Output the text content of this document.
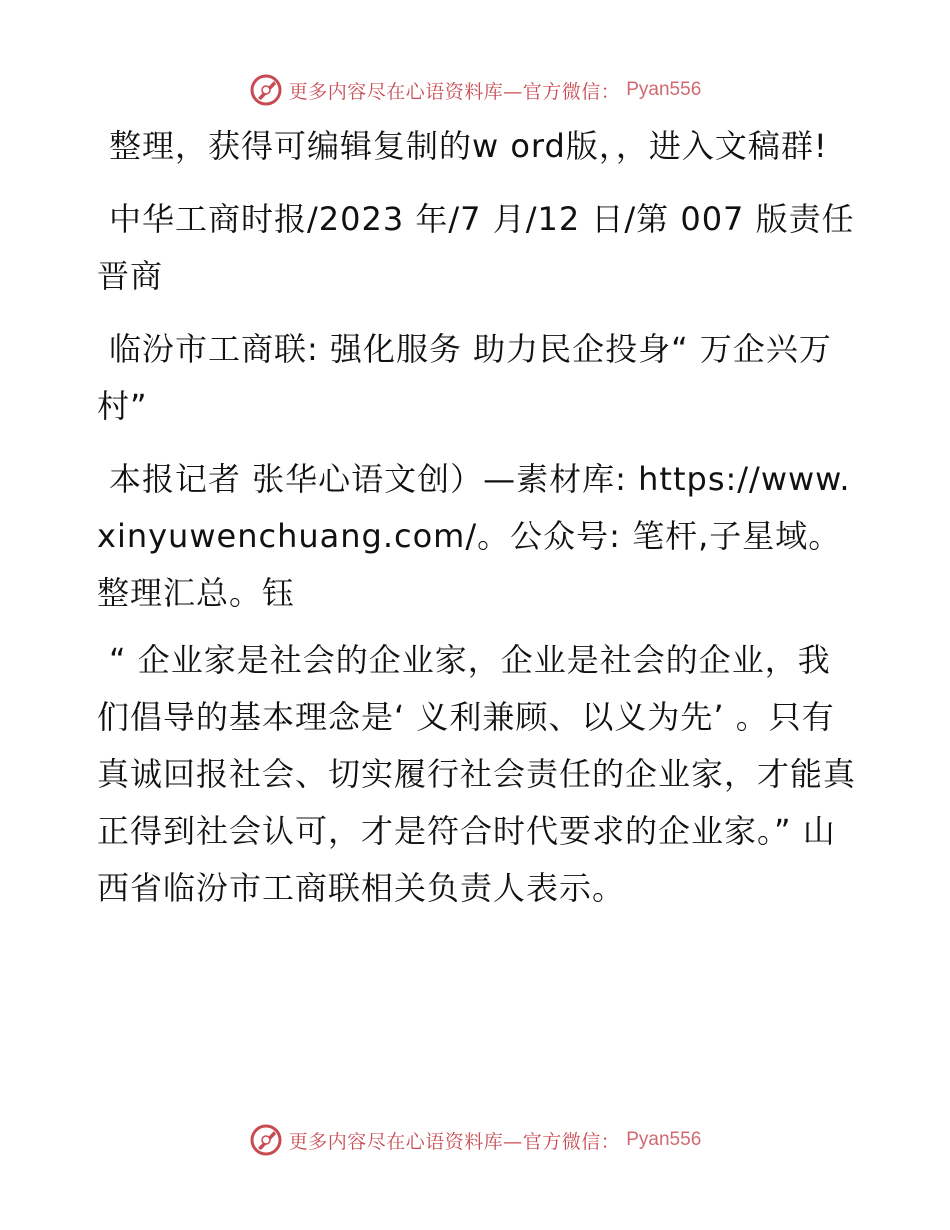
更多内容尽在心语资料库—官方微信： Pyan556

整理，获得可编辑复制的w ord版，，进入文稿群!

中华工商时报/2023 年/7 月/12 日/第 007 版责任晋商

临汾市工商联: 强化服务 助力民企投身“ 万企兴万村”

本报记者 张华心语文创）—素材库: https://www.xinyuwenchuang.com/。公众号: 笔杆,子星域。整理汇总。钰

“ 企业家是社会的企业家，企业是社会的企业，我们倡导的基本理念是‘ 义利兼顾、以义为先’ 。只有真诚回报社会、切实履行社会责任的企业家，才能真正得到社会认可，才是符合时代要求的企业家。” 山西省临汾市工商联相关负责人表示。

更多内容尽在心语资料库—官方微信： Pyan556
